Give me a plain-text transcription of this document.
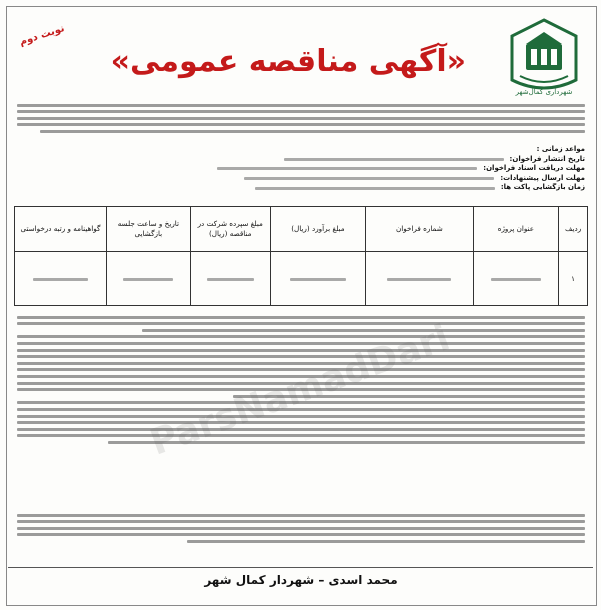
شهرداری کمال‌شهر
نوبت دوم
«آگهی مناقصه عمومی»
مواعد زمانی :
تاریخ انتشار فراخوان:
مهلت دریافت اسناد فراخوان:
مهلت ارسال پیشنهادات:
زمان بازگشایی پاکت ها:
ردیف	عنوان پروژه	شماره فراخوان	مبلغ برآورد (ریال)	مبلغ سپرده شرکت در مناقصه (ریال)	تاریخ و ساعت جلسه بازگشایی	گواهینامه و رتبه درخواستی
۱						
محمد اسدی – شهردار کمال شهر
